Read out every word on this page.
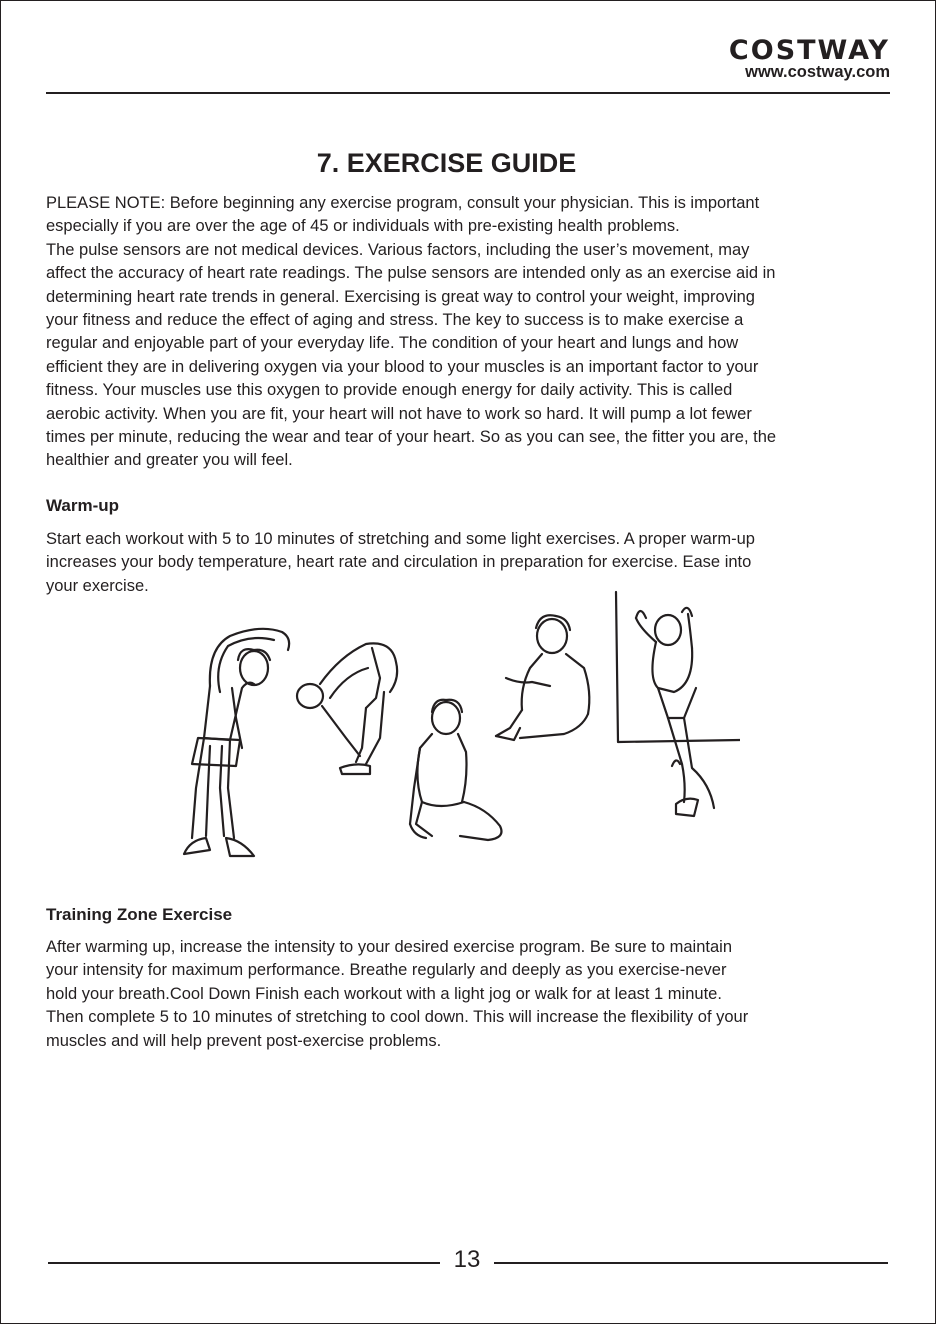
COSTWAY
www.costway.com
7. EXERCISE GUIDE
PLEASE NOTE: Before beginning any exercise program, consult your physician. This is important
especially if you are over the age of 45 or individuals with pre-existing health problems.
The pulse sensors are not medical devices. Various factors, including the user’s movement, may
affect the accuracy of heart rate readings. The pulse sensors are intended only as an exercise aid in
determining heart rate trends in general. Exercising is great way to control your weight, improving
your fitness and reduce the effect of aging and stress. The key to success is to make exercise a
regular and enjoyable part of your everyday life. The condition of your heart and lungs and how
efficient they are in delivering oxygen via your blood to your muscles is an important factor to your
fitness. Your muscles use this oxygen to provide enough energy for daily activity. This is called
aerobic activity. When you are fit, your heart will not have to work so hard. It will pump a lot fewer
times per minute, reducing the wear and tear of your heart. So as you can see, the fitter you are, the
healthier and greater you will feel.
Warm-up
Start each workout with 5 to 10 minutes of stretching and some light exercises. A proper warm-up
increases your body temperature, heart rate and circulation in preparation for exercise. Ease into
your exercise.
Training Zone Exercise
After warming up, increase the intensity to your desired exercise program. Be sure to maintain
your intensity for maximum performance. Breathe regularly and deeply as you exercise-never
hold your breath.Cool Down Finish each workout with a light jog or walk for at least 1 minute.
Then complete 5 to 10 minutes of stretching to cool down. This will increase the flexibility of your
muscles and will help prevent post-exercise problems.
13
